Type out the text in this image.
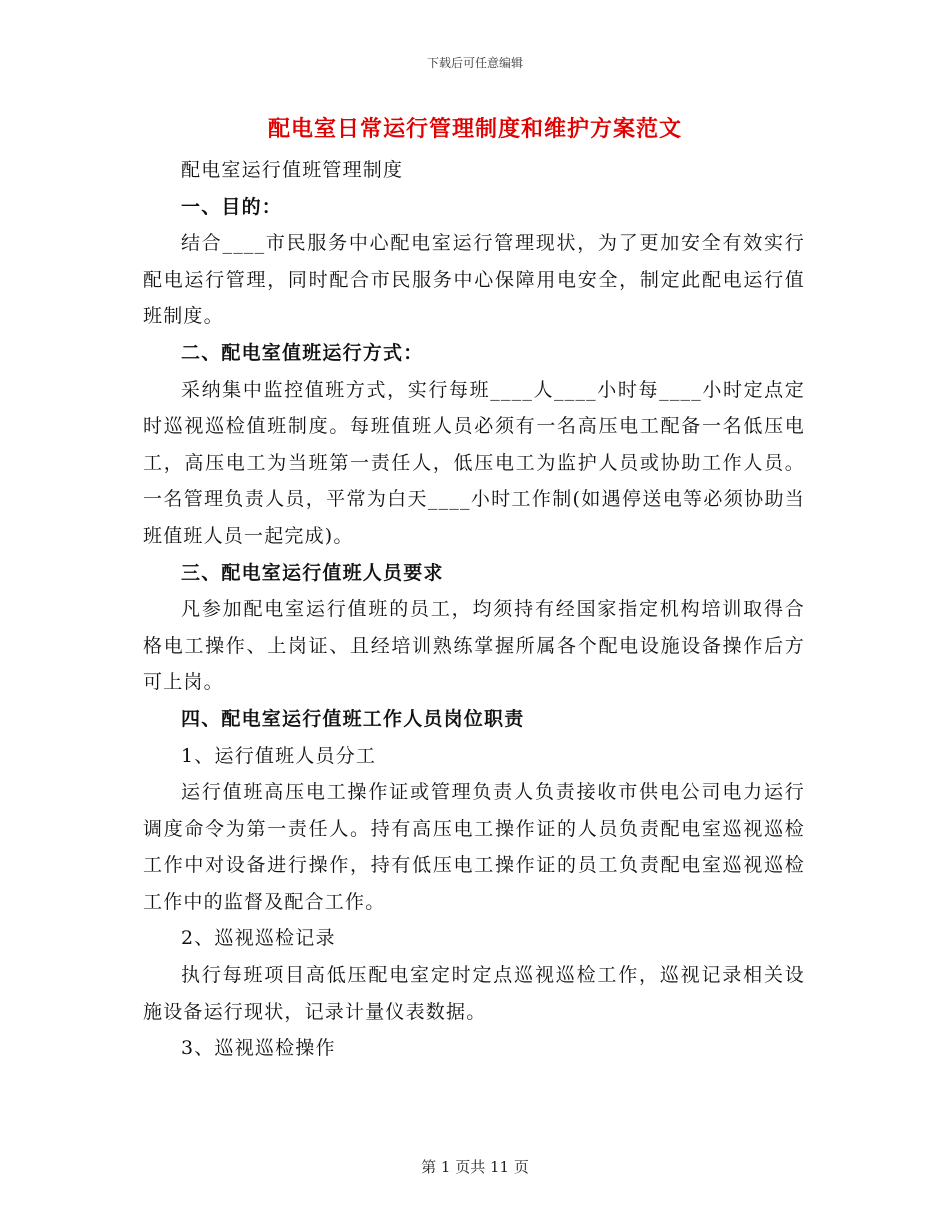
下载后可任意编辑
配电室日常运行管理制度和维护方案范文

配电室运行值班管理制度

一、目的：

结合____市民服务中心配电室运行管理现状，为了更加安全有效实行配电运行管理，同时配合市民服务中心保障用电安全，制定此配电运行值班制度。

二、配电室值班运行方式：

采纳集中监控值班方式，实行每班____人____小时每____小时定点定时巡视巡检值班制度。每班值班人员必须有一名高压电工配备一名低压电工，高压电工为当班第一责任人，低压电工为监护人员或协助工作人员。一名管理负责人员，平常为白天____小时工作制(如遇停送电等必须协助当班值班人员一起完成)。

三、配电室运行值班人员要求

凡参加配电室运行值班的员工，均须持有经国家指定机构培训取得合格电工操作、上岗证、且经培训熟练掌握所属各个配电设施设备操作后方可上岗。

四、配电室运行值班工作人员岗位职责

1、运行值班人员分工

运行值班高压电工操作证或管理负责人负责接收市供电公司电力运行调度命令为第一责任人。持有高压电工操作证的人员负责配电室巡视巡检工作中对设备进行操作，持有低压电工操作证的员工负责配电室巡视巡检工作中的监督及配合工作。

2、巡视巡检记录

执行每班项目高低压配电室定时定点巡视巡检工作，巡视记录相关设施设备运行现状，记录计量仪表数据。

3、巡视巡检操作

第 1 页共 11 页
